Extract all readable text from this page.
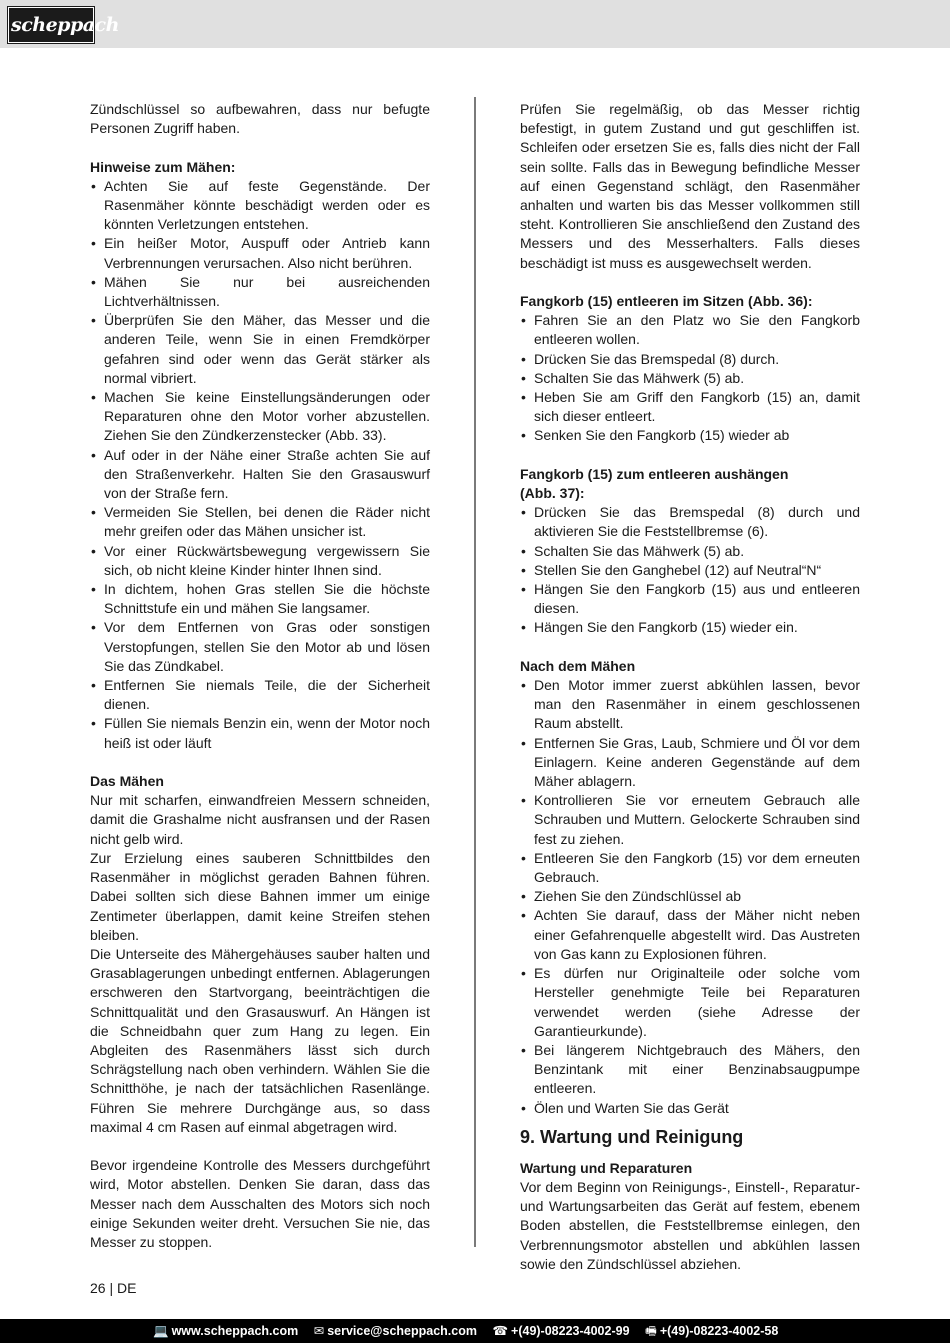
scheppach

Zündschlüssel so aufbewahren, dass nur befugte Personen Zugriff haben.

Hinweise zum Mähen:
• Achten Sie auf feste Gegenstände. Der Rasenmäher könnte beschädigt werden oder es könnten Verletzungen entstehen.
• Ein heißer Motor, Auspuff oder Antrieb kann Verbrennungen verursachen. Also nicht berühren.
• Mähen Sie nur bei ausreichenden Lichtverhältnissen.
• Überprüfen Sie den Mäher, das Messer und die anderen Teile, wenn Sie in einen Fremdkörper gefahren sind oder wenn das Gerät stärker als normal vibriert.
• Machen Sie keine Einstellungsänderungen oder Reparaturen ohne den Motor vorher abzustellen. Ziehen Sie den Zündkerzenstecker (Abb. 33).
• Auf oder in der Nähe einer Straße achten Sie auf den Straßenverkehr. Halten Sie den Grasauswurf von der Straße fern.
• Vermeiden Sie Stellen, bei denen die Räder nicht mehr greifen oder das Mähen unsicher ist.
• Vor einer Rückwärtsbewegung vergewissern Sie sich, ob nicht kleine Kinder hinter Ihnen sind.
• In dichtem, hohen Gras stellen Sie die höchste Schnittstufe ein und mähen Sie langsamer.
• Vor dem Entfernen von Gras oder sonstigen Verstopfungen, stellen Sie den Motor ab und lösen Sie das Zündkabel.
• Entfernen Sie niemals Teile, die der Sicherheit dienen.
• Füllen Sie niemals Benzin ein, wenn der Motor noch heiß ist oder läuft
Das Mähen

Nur mit scharfen, einwandfreien Messern schneiden, damit die Grashalme nicht ausfransen und der Rasen nicht gelb wird.

Zur Erzielung eines sauberen Schnittbildes den Rasenmäher in möglichst geraden Bahnen führen. Dabei sollten sich diese Bahnen immer um einige Zentimeter überlappen, damit keine Streifen stehen bleiben.

Die Unterseite des Mähergehäuses sauber halten und Grasablagerungen unbedingt entfernen. Ablagerungen erschweren den Startvorgang, beeinträchtigen die Schnittqualität und den Grasauswurf. An Hängen ist die Schneidbahn quer zum Hang zu legen. Ein Abgleiten des Rasenmähers lässt sich durch Schrägstellung nach oben verhindern. Wählen Sie die Schnitthöhe, je nach der tatsächlichen Rasenlänge. Führen Sie mehrere Durchgänge aus, so dass maximal 4 cm Rasen auf einmal abgetragen wird.

Bevor irgendeine Kontrolle des Messers durchgeführt wird, Motor abstellen. Denken Sie daran, dass das Messer nach dem Ausschalten des Motors sich noch einige Sekunden weiter dreht. Versuchen Sie nie, das Messer zu stoppen.

Prüfen Sie regelmäßig, ob das Messer richtig befestigt, in gutem Zustand und gut geschliffen ist. Schleifen oder ersetzen Sie es, falls dies nicht der Fall sein sollte. Falls das in Bewegung befindliche Messer auf einen Gegenstand schlägt, den Rasenmäher anhalten und warten bis das Messer vollkommen still steht. Kontrollieren Sie anschließend den Zustand des Messers und des Messerhalters. Falls dieses beschädigt ist muss es ausgewechselt werden.

Fangkorb (15) entleeren im Sitzen (Abb. 36):
• Fahren Sie an den Platz wo Sie den Fangkorb entleeren wollen.
• Drücken Sie das Bremspedal (8) durch.
• Schalten Sie das Mähwerk (5) ab.
• Heben Sie am Griff den Fangkorb (15) an, damit sich dieser entleert.
• Senken Sie den Fangkorb (15) wieder ab
Fangkorb (15) zum entleeren aushängen
(Abb. 37):
• Drücken Sie das Bremspedal (8) durch und aktivieren Sie die Feststellbremse (6).
• Schalten Sie das Mähwerk (5) ab.
• Stellen Sie den Ganghebel (12) auf Neutral“N“
• Hängen Sie den Fangkorb (15) aus und entleeren diesen.
• Hängen Sie den Fangkorb (15) wieder ein.
Nach dem Mähen
• Den Motor immer zuerst abkühlen lassen, bevor man den Rasenmäher in einem geschlossenen Raum abstellt.
• Entfernen Sie Gras, Laub, Schmiere und Öl vor dem Einlagern. Keine anderen Gegenstände auf dem Mäher ablagern.
• Kontrollieren Sie vor erneutem Gebrauch alle Schrauben und Muttern. Gelockerte Schrauben sind fest zu ziehen.
• Entleeren Sie den Fangkorb (15) vor dem erneuten Gebrauch.
• Ziehen Sie den Zündschlüssel ab
• Achten Sie darauf, dass der Mäher nicht neben einer Gefahrenquelle abgestellt wird. Das Austreten von Gas kann zu Explosionen führen.
• Es dürfen nur Originalteile oder solche vom Hersteller genehmigte Teile bei Reparaturen verwendet werden (siehe Adresse der Garantieurkunde).
• Bei längerem Nichtgebrauch des Mähers, den Benzintank mit einer Benzinabsaugpumpe entleeren.
• Ölen und Warten Sie das Gerät
9. Wartung und Reinigung
Wartung und Reparaturen

Vor dem Beginn von Reinigungs-, Einstell-, Reparatur- und Wartungsarbeiten das Gerät auf festem, ebenem Boden abstellen, die Feststellbremse einlegen, den Verbrennungsmotor abstellen und abkühlen lassen sowie den Zündschlüssel abziehen.

26 | DE
💻 www.scheppach.com ✉ service@scheppach.com ☎ +(49)-08223-4002-99 🖷 +(49)-08223-4002-58
